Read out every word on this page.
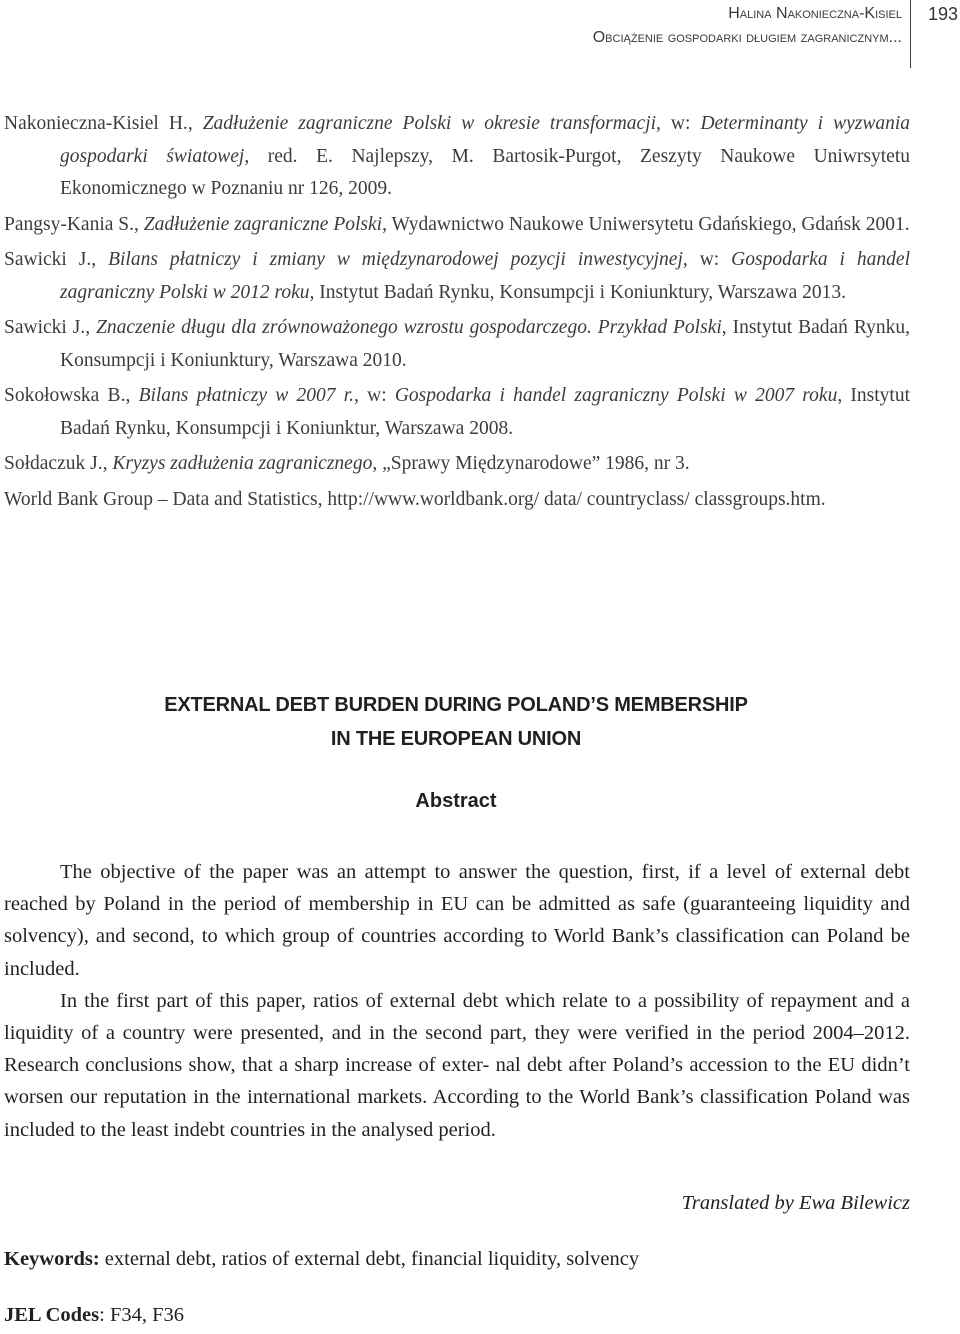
Halina Nakonieczna-Kisiel
Obciążenie gospodarki długiem zagranicznym...
193

Nakonieczna-Kisiel H., Zadłużenie zagraniczne Polski w okresie transformacji, w: Determinanty i wyzwania gospodarki światowej, red. E. Najlepszy, M. Bartosik-Purgot, Zeszyty Naukowe Uniwrsytetu Ekonomicznego w Poznaniu nr 126, 2009.

Pangsy-Kania S., Zadłużenie zagraniczne Polski, Wydawnictwo Naukowe Uniwersytetu Gdańskiego, Gdańsk 2001.

Sawicki J., Bilans płatniczy i zmiany w międzynarodowej pozycji inwestycyjnej, w: Gospodarka i handel zagraniczny Polski w 2012 roku, Instytut Badań Rynku, Konsumpcji i Koniunktury, Warszawa 2013.

Sawicki J., Znaczenie długu dla zrównoważonego wzrostu gospodarczego. Przykład Polski, Instytut Badań Rynku, Konsumpcji i Koniunktury, Warszawa 2010.

Sokołowska B., Bilans płatniczy w 2007 r., w: Gospodarka i handel zagraniczny Polski w 2007 roku, Instytut Badań Rynku, Konsumpcji i Koniunktur, Warszawa 2008.

Sołdaczuk J., Kryzys zadłużenia zagranicznego, „Sprawy Międzynarodowe” 1986, nr 3.

World Bank Group – Data and Statistics, http://www.worldbank.org/ data/ countryclass/ classgroups.htm.

EXTERNAL DEBT BURDEN DURING POLAND’S MEMBERSHIP
IN THE EUROPEAN UNION
Abstract

The objective of the paper was an attempt to answer the question, first, if a level of external debt reached by Poland in the period of membership in EU can be admitted as safe (guaranteeing liquidity and solvency), and second, to which group of countries according to World Bank’s classification can Poland be included.

In the first part of this paper, ratios of external debt which relate to a possibility of repayment and a liquidity of a country were presented, and in the second part, they were verified in the period 2004–2012. Research conclusions show, that a sharp increase of exter- nal debt after Poland’s accession to the EU didn’t worsen our reputation in the international markets. According to the World Bank’s classification Poland was included to the least indebt countries in the analysed period.

Translated by Ewa Bilewicz
Keywords: external debt, ratios of external debt, financial liquidity, solvency
JEL Codes: F34, F36
